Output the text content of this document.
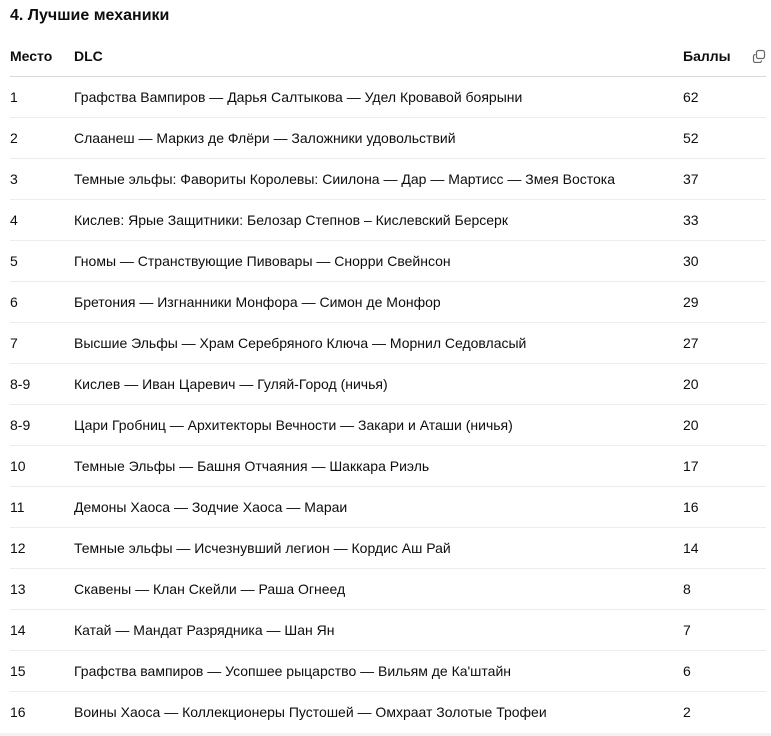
4. Лучшие механики
Место	DLC	Баллы

1	Графства Вампиров — Дарья Салтыкова — Удел Кровавой боярыни	62
2	Слаанеш — Маркиз де Флёри — Заложники удовольствий	52
3	Темные эльфы: Фавориты Королевы: Сиилона — Дар — Мартисс — Змея Востока	37
4	Кислев: Ярые Защитники: Белозар Степнов – Кислевский Берсерк	33
5	Гномы — Странствующие Пивовары — Снорри Свейнсон	30
6	Бретония — Изгнанники Монфора — Симон де Монфор	29
7	Высшие Эльфы — Храм Серебряного Ключа — Морнил Седовласый	27
8-9	Кислев — Иван Царевич — Гуляй-Город (ничья)	20
8-9	Цари Гробниц — Архитекторы Вечности — Закари и Аташи (ничья)	20
10	Темные Эльфы — Башня Отчаяния — Шаккара Риэль	17
11	Демоны Хаоса — Зодчие Хаоса — Мараи	16
12	Темные эльфы — Исчезнувший легион — Кордис Аш Рай	14
13	Скавены — Клан Скейли — Раша Огнеед	8
14	Катай — Мандат Разрядника — Шан Ян	7
15	Графства вампиров — Усопшее рыцарство — Вильям де Ка'штайн	6
16	Воины Хаоса — Коллекционеры Пустошей — Омхраат Золотые Трофеи	2
